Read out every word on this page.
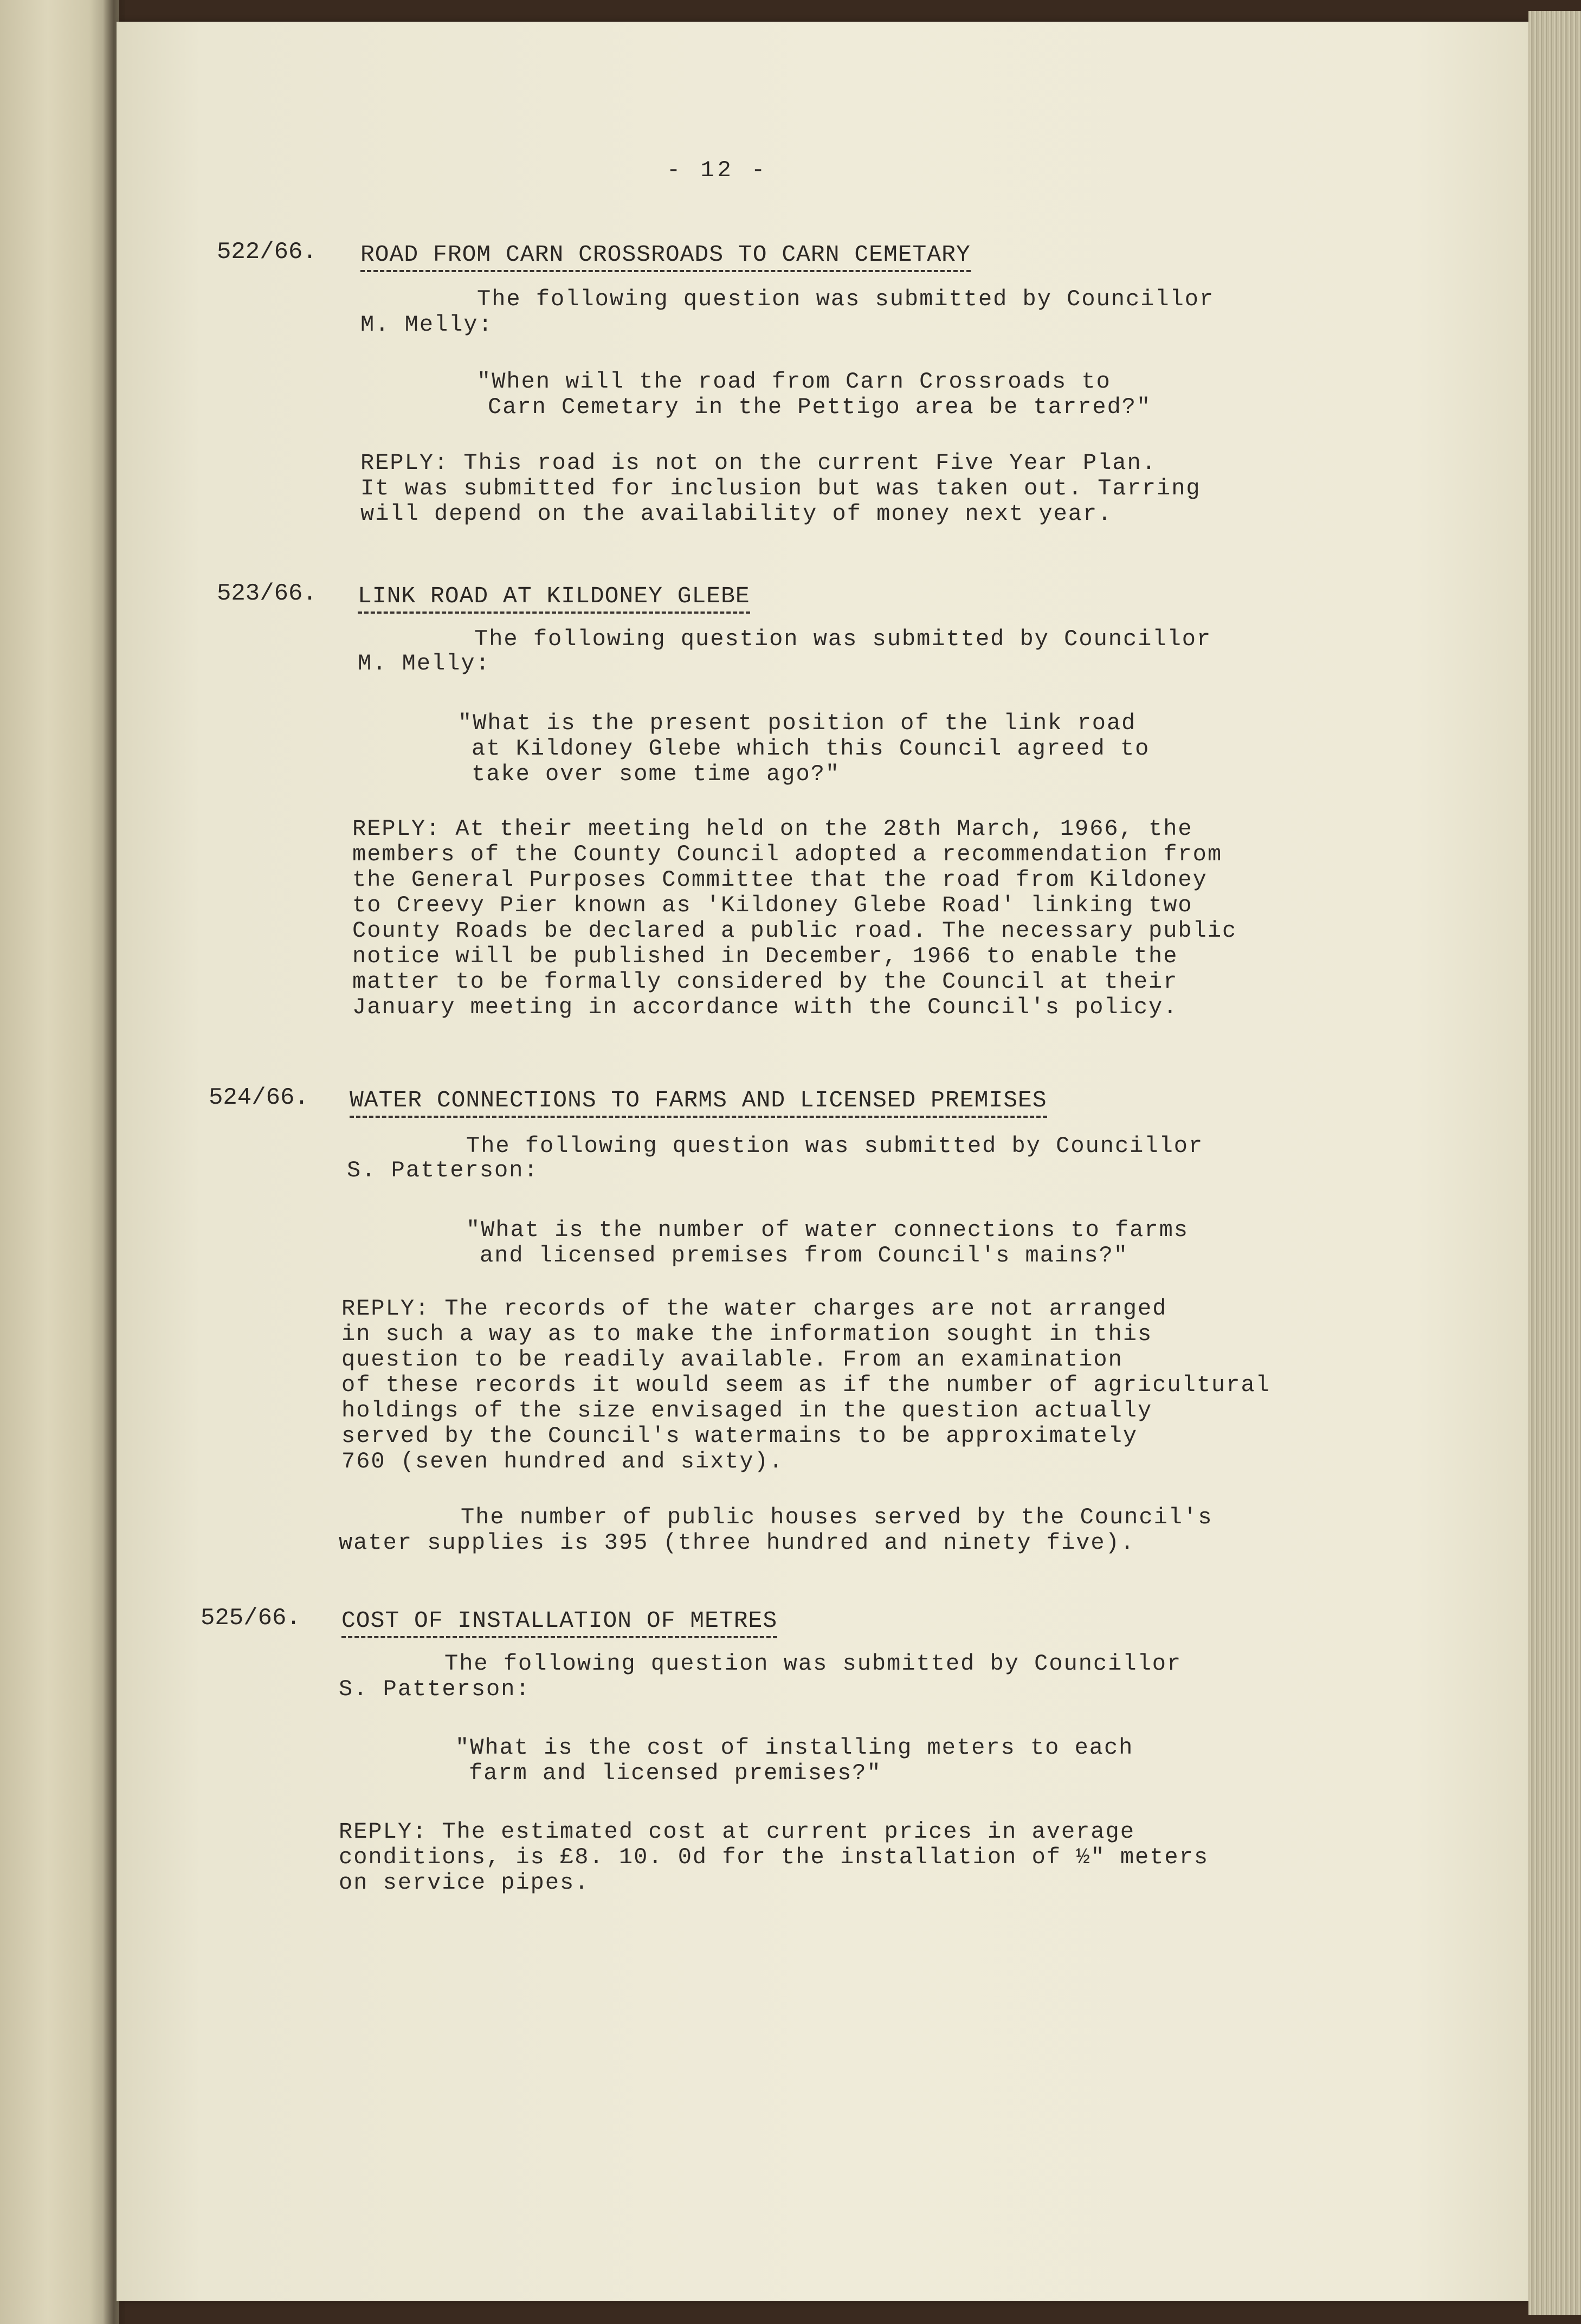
- 12 -
522/66. ROAD FROM CARN CROSSROADS TO CARN CEMETARY
The following question was submitted by Councillor
M. Melly:
"When will the road from Carn Crossroads to
Carn Cemetary in the Pettigo area be tarred?"
REPLY: This road is not on the current Five Year Plan.
It was submitted for inclusion but was taken out. Tarring
will depend on the availability of money next year.
523/66. LINK ROAD AT KILDONEY GLEBE
The following question was submitted by Councillor
M. Melly:
"What is the present position of the link road
at Kildoney Glebe which this Council agreed to
take over some time ago?"
REPLY: At their meeting held on the 28th March, 1966, the
members of the County Council adopted a recommendation from
the General Purposes Committee that the road from Kildoney
to Creevy Pier known as 'Kildoney Glebe Road' linking two
County Roads be declared a public road. The necessary public
notice will be published in December, 1966 to enable the
matter to be formally considered by the Council at their
January meeting in accordance with the Council's policy.
524/66. WATER CONNECTIONS TO FARMS AND LICENSED PREMISES
The following question was submitted by Councillor
S. Patterson:
"What is the number of water connections to farms
and licensed premises from Council's mains?"
REPLY: The records of the water charges are not arranged
in such a way as to make the information sought in this
question to be readily available. From an examination
of these records it would seem as if the number of agricultural
holdings of the size envisaged in the question actually
served by the Council's watermains to be approximately
760 (seven hundred and sixty).
The number of public houses served by the Council's
water supplies is 395 (three hundred and ninety five).
525/66. COST OF INSTALLATION OF METRES
The following question was submitted by Councillor
S. Patterson:
"What is the cost of installing meters to each
farm and licensed premises?"
REPLY: The estimated cost at current prices in average
conditions, is £8. 10. 0d for the installation of ½" meters
on service pipes.
